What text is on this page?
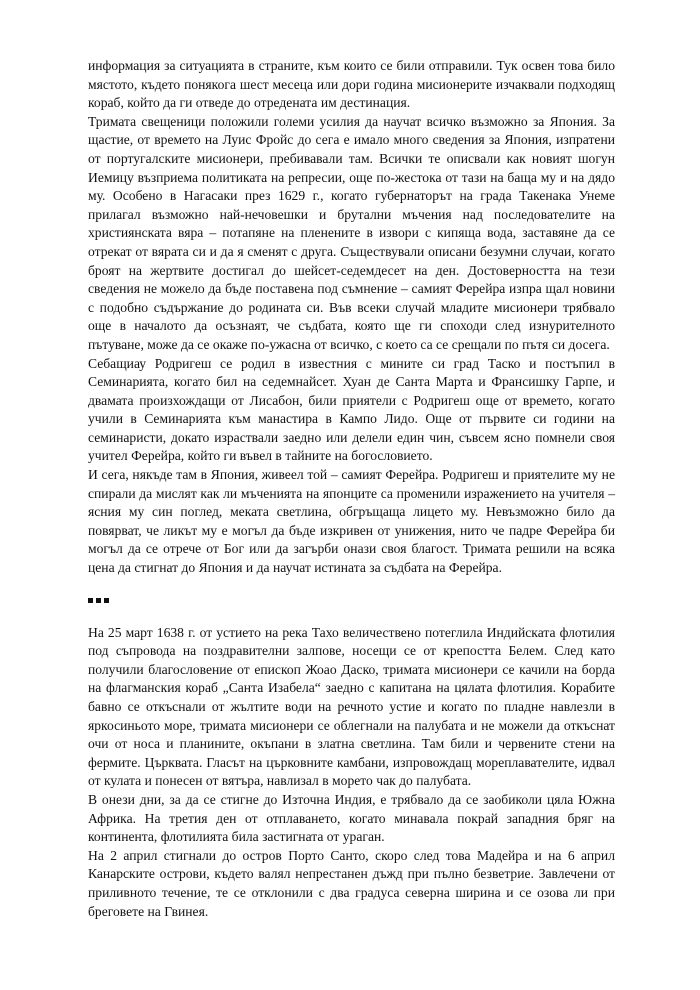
информация за ситуацията в страните, към които се били отправили. Тук освен това било мястото, където понякога шест месеца или дори година мисионерите изчаквали подходящ кораб, който да ги отведе до отредената им дестинация.

Тримата свещеници положили големи усилия да научат всичко възможно за Япония. За щастие, от времето на Луис Фройс до сега е имало много сведения за Япония, изпратени от португалските мисионери, пребивавали там. Всички те описвали как новият шогун Иемицу възприема политиката на репресии, още по-жестока от тази на баща му и на дядо му. Особено в Нагасаки през 1629 г., когато губернаторът на града Такенака Унеме прилагал възможно най-нечовешки и брутални мъчения над последователите на християнската вяра – потапяне на пленените в извори с кипяща вода, заставяне да се отрекат от вярата си и да я сменят с друга. Съществували описани безумни случаи, когато броят на жертвите достигал до шейсет-седемдесет на ден. Достоверността на тези сведения не можело да бъде поставена под съмнение – самият Ферейра изпра щал новини с подобно съдържание до родината си. Във всеки случай младите мисионери трябвало още в началото да осъзнаят, че съдбата, която ще ги споходи след изнурителното пътуване, може да се окаже по-ужасна от всичко, с което са се срещали по пътя си досега.

Себащиау Родригеш се родил в известния с мините си град Таско и постъпил в Семинарията, когато бил на седемнайсет. Хуан де Санта Марта и Франсишку Гарпе, и двамата произхождащи от Лисабон, били приятели с Родригеш още от времето, когато учили в Семинарията към манастира в Кампо Лидо. Още от първите си години на семинаристи, докато израствали заедно или делели един чин, съвсем ясно помнели своя учител Ферейра, който ги въвел в тайните на богословието.

И сега, някъде там в Япония, живеел той – самият Ферейра. Родригеш и приятелите му не спирали да мислят как ли мъченията на японците са променили изражението на учителя – ясния му син поглед, меката светлина, обгръщаща лицето му. Невъзможно било да повярват, че ликът му е могъл да бъде изкривен от унижения, нито че падре Ферейра би могъл да се отрече от Бог или да загърби онази своя благост. Тримата решили на всяка цена да стигнат до Япония и да научат истината за съдбата на Ферейра.

На 25 март 1638 г. от устието на река Тахо величествено потеглила Индийската флотилия под съпровода на поздравителни залпове, носещи се от крепостта Белем. След като получили благословение от епископ Жоао Даско, тримата мисионери се качили на борда на флагманския кораб „Санта Изабела“ заедно с капитана на цялата флотилия. Корабите бавно се откъснали от жълтите води на речното устие и когато по пладне навлезли в яркосиньото море, тримата мисионери се облегнали на палубата и не можели да откъснат очи от носа и планините, окъпани в златна светлина. Там били и червените стени на фермите. Църквата. Гласът на църковните камбани, изпровождащ мореплавателите, идвал от кулата и понесен от вятъра, навлизал в морето чак до палубата.

В онези дни, за да се стигне до Източна Индия, е трябвало да се заобиколи цяла Южна Африка. На третия ден от отплаването, когато минавала покрай западния бряг на континента, флотилията била застигната от ураган.

На 2 април стигнали до остров Порто Санто, скоро след това Мадейра и на 6 април Канарските острови, където валял непрестанен дъжд при пълно безветрие. Завлечени от приливното течение, те се отклонили с два градуса северна ширина и се озова ли при бреговете на Гвинея.
